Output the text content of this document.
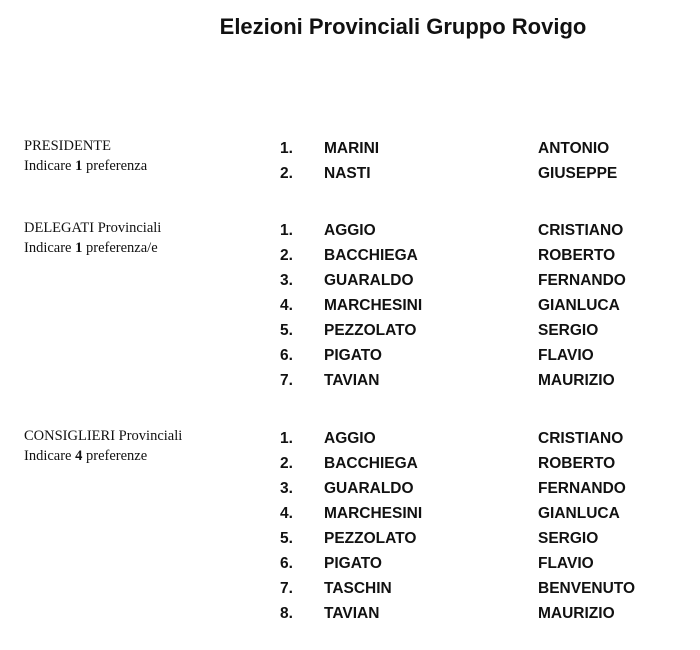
Elezioni Provinciali Gruppo Rovigo
PRESIDENTE
Indicare 1 preferenza
1. MARINI	ANTONIO
2. NASTI	GIUSEPPE
DELEGATI Provinciali
Indicare 1 preferenza/e
1. AGGIO	CRISTIANO
2. BACCHIEGA	ROBERTO
3. GUARALDO	FERNANDO
4. MARCHESINI	GIANLUCA
5. PEZZOLATO	SERGIO
6. PIGATO	FLAVIO
7. TAVIAN	MAURIZIO
CONSIGLIERI Provinciali
Indicare 4 preferenze
1. AGGIO	CRISTIANO
2. BACCHIEGA	ROBERTO
3. GUARALDO	FERNANDO
4. MARCHESINI	GIANLUCA
5. PEZZOLATO	SERGIO
6. PIGATO	FLAVIO
7. TASCHIN	BENVENUTO
8. TAVIAN	MAURIZIO
